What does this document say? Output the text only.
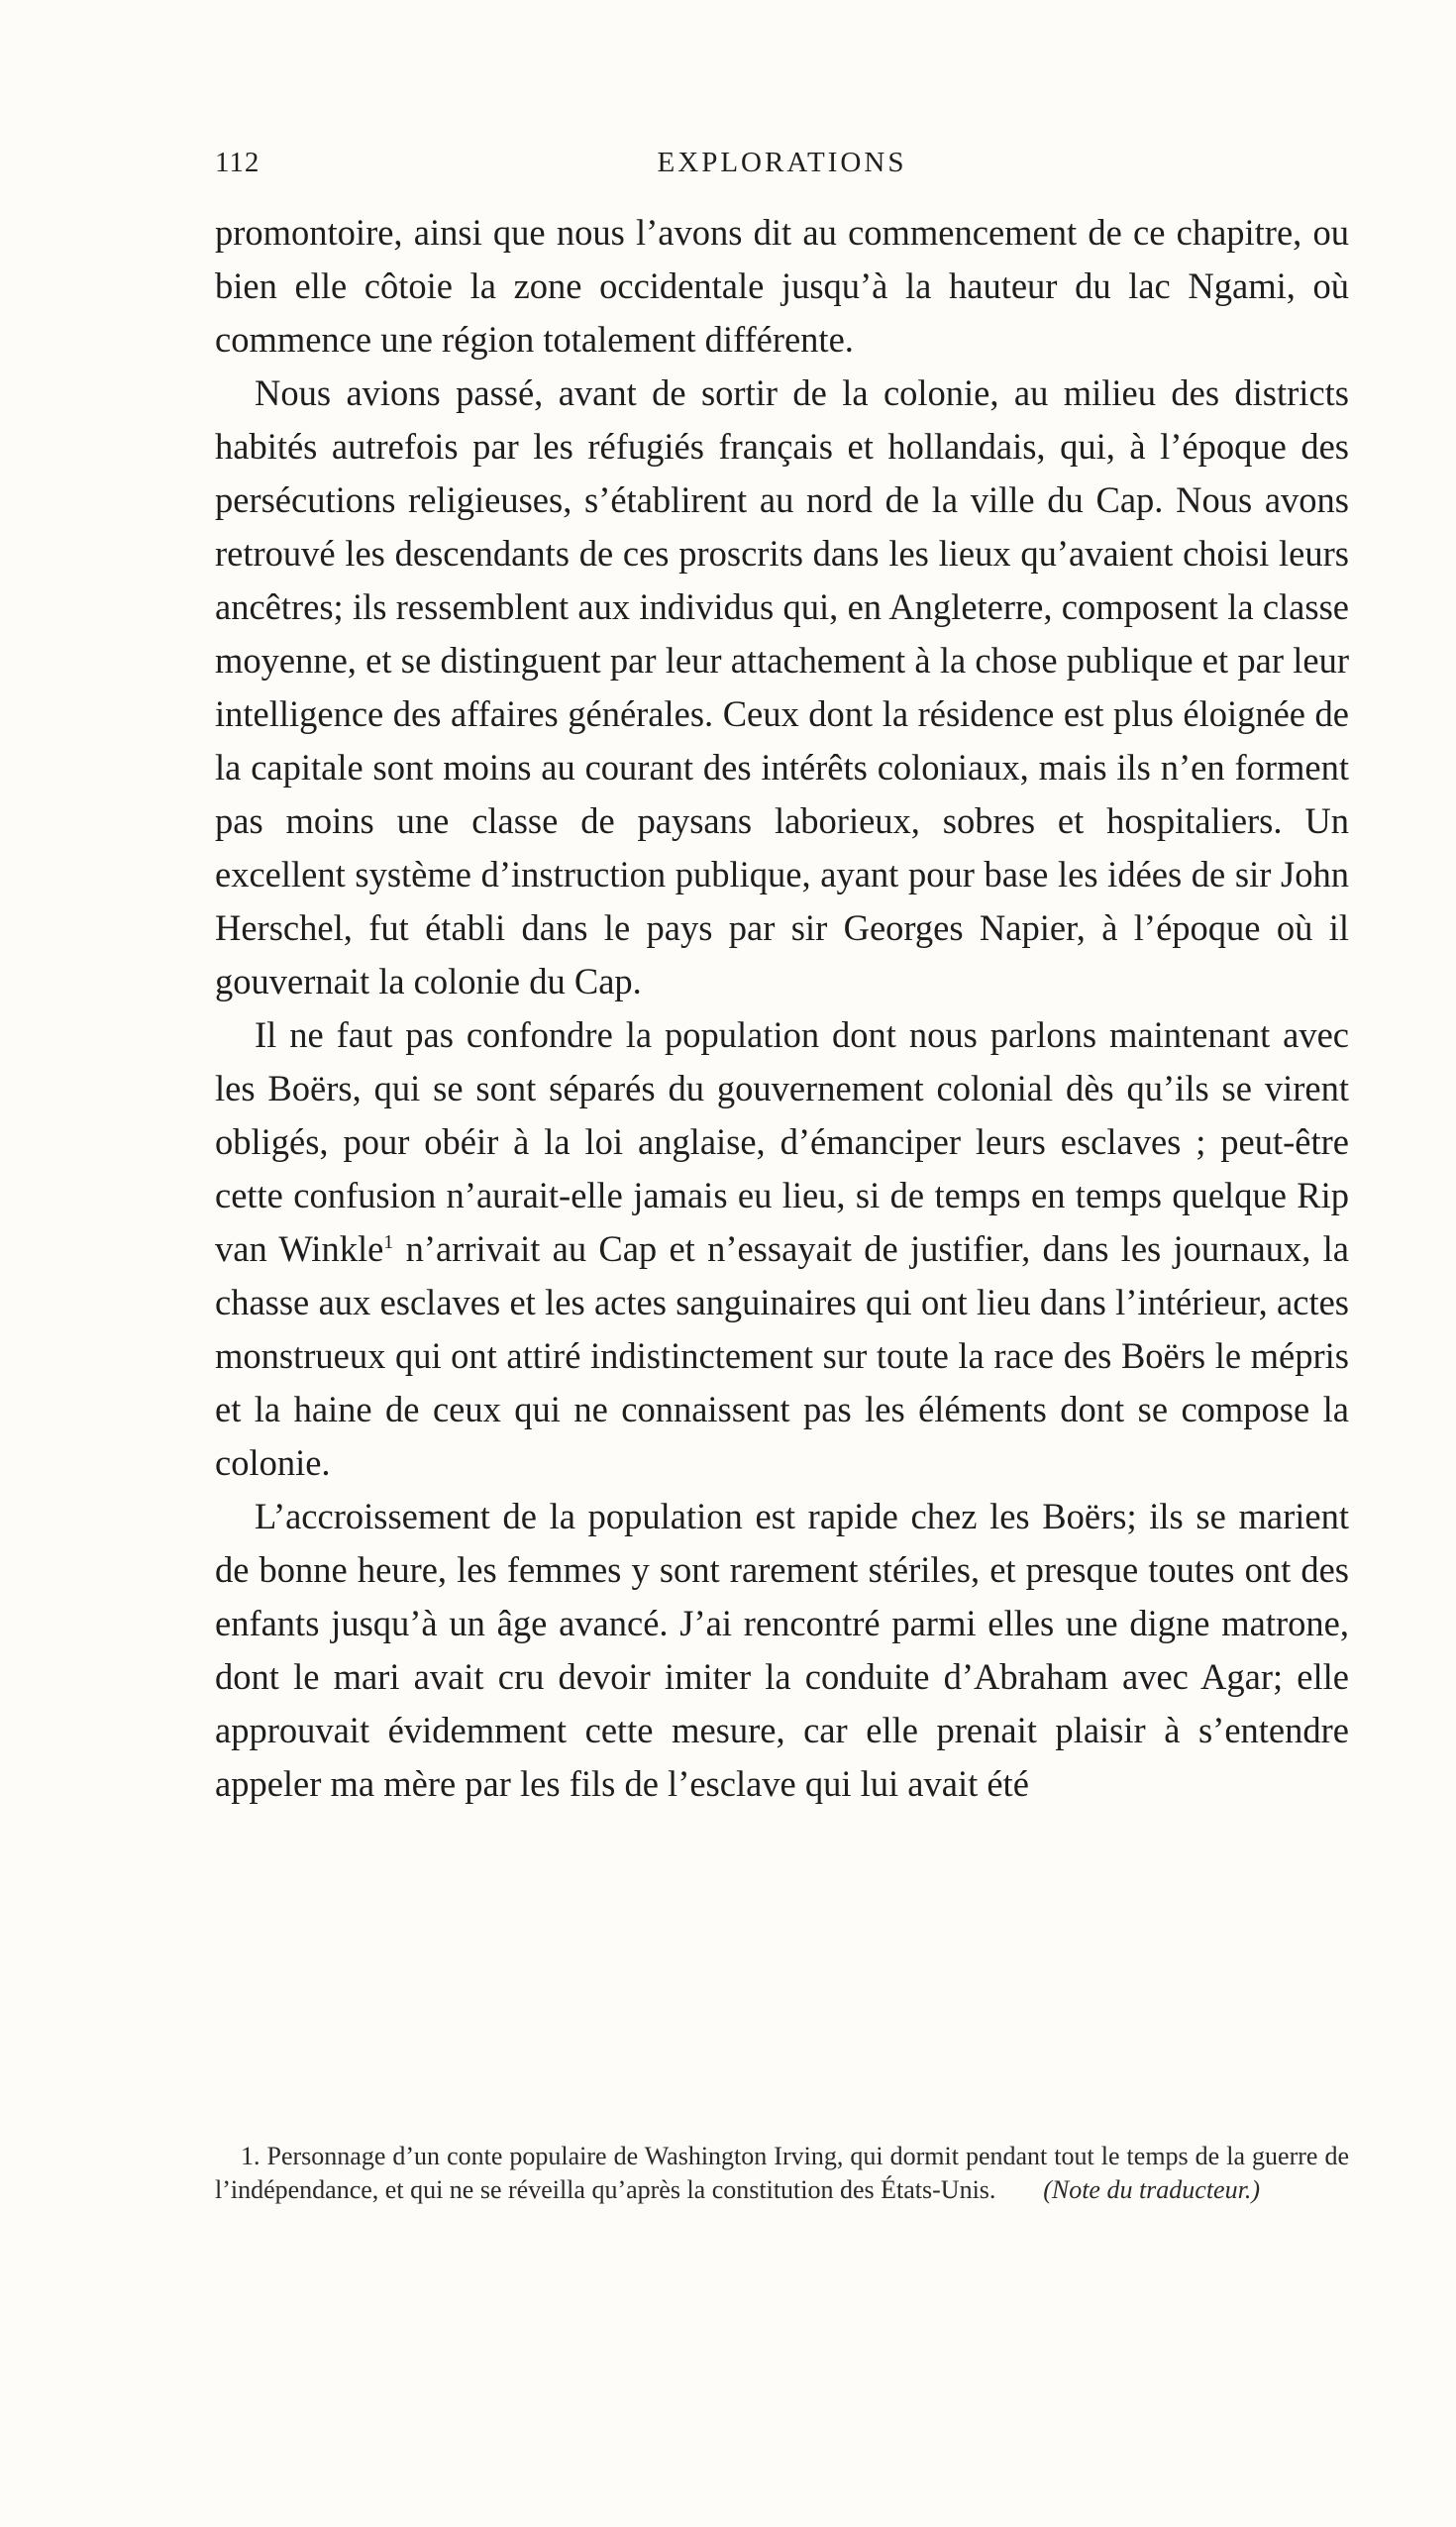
112	EXPLORATIONS

promontoire, ainsi que nous l’avons dit au commencement de ce chapitre, ou bien elle côtoie la zone occidentale jusqu’à la hauteur du lac Ngami, où commence une région totalement différente.

Nous avions passé, avant de sortir de la colonie, au milieu des districts habités autrefois par les réfugiés français et hollandais, qui, à l’époque des persécutions religieuses, s’établirent au nord de la ville du Cap. Nous avons retrouvé les descendants de ces proscrits dans les lieux qu’avaient choisi leurs ancêtres; ils ressemblent aux individus qui, en Angleterre, composent la classe moyenne, et se distinguent par leur attachement à la chose publique et par leur intelligence des affaires générales. Ceux dont la résidence est plus éloignée de la capitale sont moins au courant des intérêts coloniaux, mais ils n’en forment pas moins une classe de paysans laborieux, sobres et hospitaliers. Un excellent système d’instruction publique, ayant pour base les idées de sir John Herschel, fut établi dans le pays par sir Georges Napier, à l’époque où il gouvernait la colonie du Cap.

Il ne faut pas confondre la population dont nous parlons maintenant avec les Boërs, qui se sont séparés du gouvernement colonial dès qu’ils se virent obligés, pour obéir à la loi anglaise, d’émanciper leurs esclaves ; peut-être cette confusion n’aurait-elle jamais eu lieu, si de temps en temps quelque Rip van Winkle$^1$ n’arrivait au Cap et n’essayait de justifier, dans les journaux, la chasse aux esclaves et les actes sanguinaires qui ont lieu dans l’intérieur, actes monstrueux qui ont attiré indistinctement sur toute la race des Boërs le mépris et la haine de ceux qui ne connaissent pas les éléments dont se compose la colonie.

L’accroissement de la population est rapide chez les Boërs; ils se marient de bonne heure, les femmes y sont rarement stériles, et presque toutes ont des enfants jusqu’à un âge avancé. J’ai rencontré parmi elles une digne matrone, dont le mari avait cru devoir imiter la conduite d’Abraham avec Agar; elle approuvait évidemment cette mesure, car elle prenait plaisir à s’entendre appeler ma mère par les fils de l’esclave qui lui avait été

1. Personnage d’un conte populaire de Washington Irving, qui dormit pendant tout le temps de la guerre de l’indépendance, et qui ne se réveilla qu’après la constitution des États-Unis.	(Note du traducteur.)
